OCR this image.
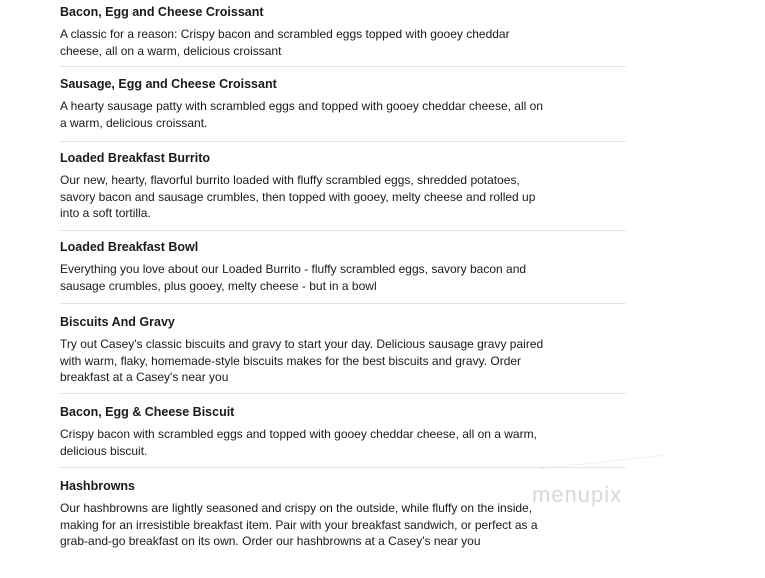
Bacon, Egg and Cheese Croissant

A classic for a reason: Crispy bacon and scrambled eggs topped with gooey cheddar cheese, all on a warm, delicious croissant

Sausage, Egg and Cheese Croissant

A hearty sausage patty with scrambled eggs and topped with gooey cheddar cheese, all on a warm, delicious croissant.

Loaded Breakfast Burrito

Our new, hearty, flavorful burrito loaded with fluffy scrambled eggs, shredded potatoes, savory bacon and sausage crumbles, then topped with gooey, melty cheese and rolled up into a soft tortilla.

Loaded Breakfast Bowl

Everything you love about our Loaded Burrito - fluffy scrambled eggs, savory bacon and sausage crumbles, plus gooey, melty cheese - but in a bowl

Biscuits And Gravy

Try out Casey's classic biscuits and gravy to start your day. Delicious sausage gravy paired with warm, flaky, homemade-style biscuits makes for the best biscuits and gravy. Order breakfast at a Casey's near you

Bacon, Egg & Cheese Biscuit

Crispy bacon with scrambled eggs and topped with gooey cheddar cheese, all on a warm, delicious biscuit.

Hashbrowns

Our hashbrowns are lightly seasoned and crispy on the outside, while fluffy on the inside, making for an irresistible breakfast item. Pair with your breakfast sandwich, or perfect as a grab-and-go breakfast on its own. Order our hashbrowns at a Casey's near you

menupix
